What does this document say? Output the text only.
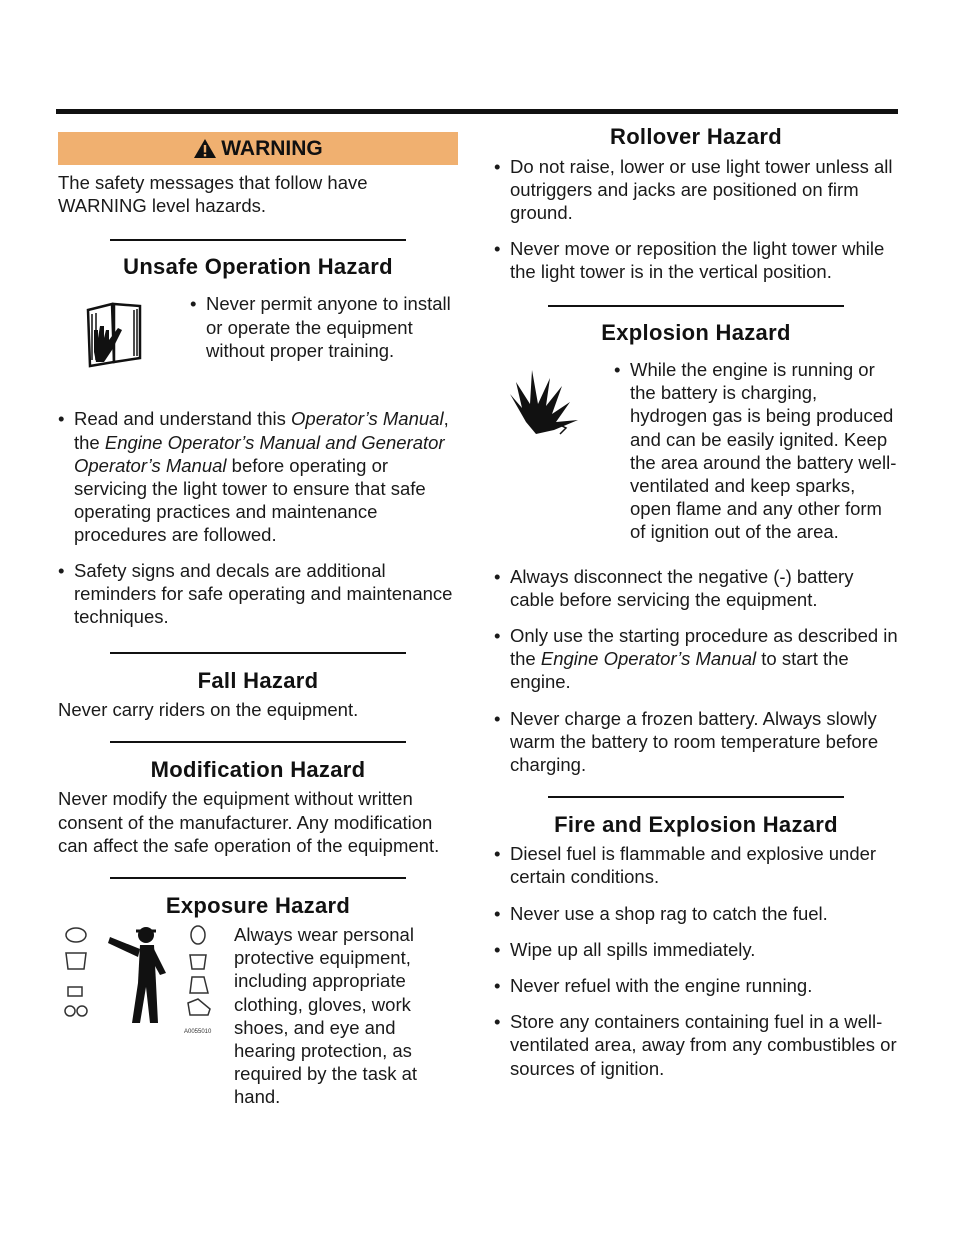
WARNING

The safety messages that follow have WARNING level hazards.

Unsafe Operation Hazard
• Never permit anyone to install or operate the equipment without proper training.
• Read and understand this Operator’s Manual, the Engine Operator’s Manual and Generator Operator’s Manual before operating or servicing the light tower to ensure that safe operating practices and maintenance procedures are followed.
• Safety signs and decals are additional reminders for safe operating and maintenance techniques.
Fall Hazard

Never carry riders on the equipment.

Modification Hazard

Never modify the equipment without written consent of the manufacturer. Any modification can affect the safe operation of the equipment.

Exposure Hazard
A0055010

Always wear personal protective equipment, including appropriate clothing, gloves, work shoes, and eye and hearing protection, as required by the task at hand.

Rollover Hazard
• Do not raise, lower or use light tower unless all outriggers and jacks are positioned on firm ground.
• Never move or reposition the light tower while the light tower is in the vertical position.
Explosion Hazard
• While the engine is running or the battery is charging, hydrogen gas is being produced and can be easily ignited. Keep the area around the battery well-ventilated and keep sparks, open flame and any other form of ignition out of the area.
• Always disconnect the negative (-) battery cable before servicing the equipment.
• Only use the starting procedure as described in the Engine Operator’s Manual to start the engine.
• Never charge a frozen battery. Always slowly warm the battery to room temperature before charging.
Fire and Explosion Hazard
• Diesel fuel is flammable and explosive under certain conditions.
• Never use a shop rag to catch the fuel.
• Wipe up all spills immediately.
• Never refuel with the engine running.
• Store any containers containing fuel in a well-ventilated area, away from any combustibles or sources of ignition.
